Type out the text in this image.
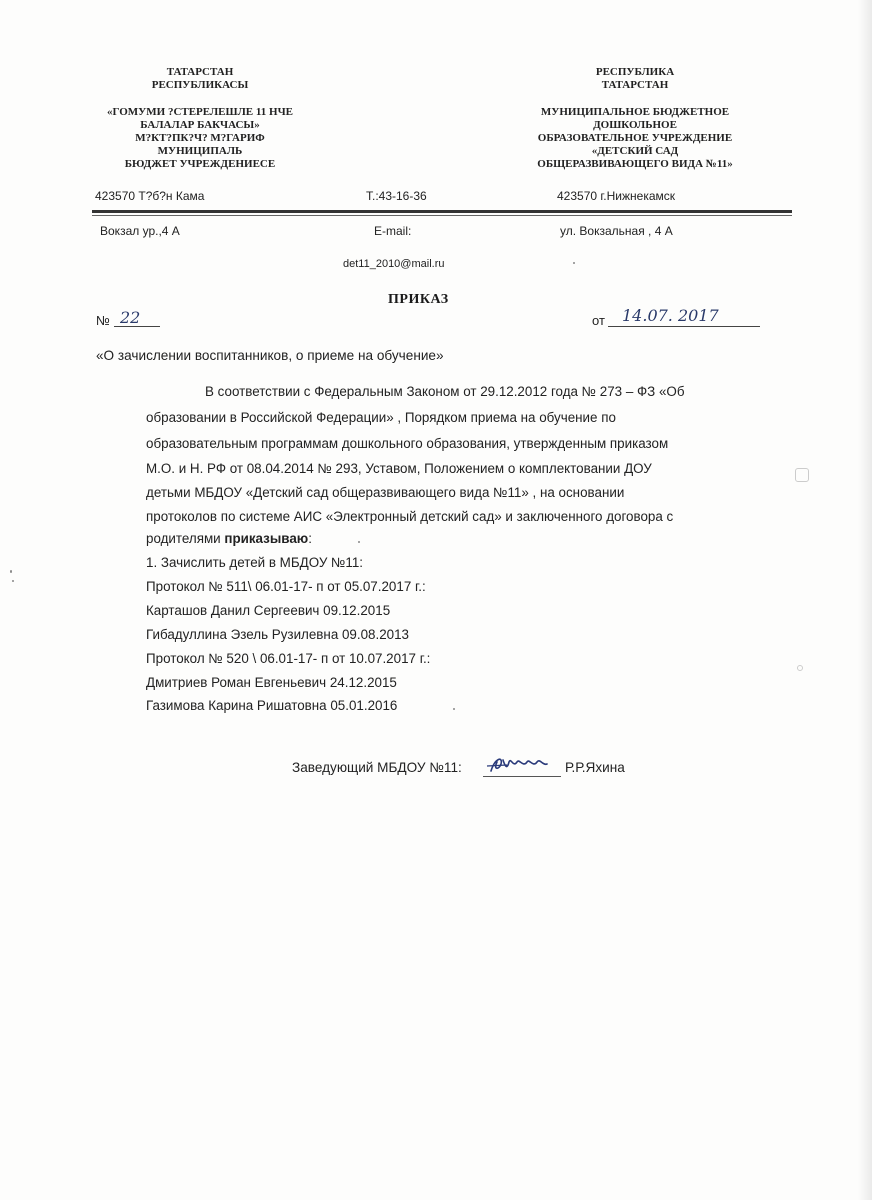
ТАТАРСТАН
РЕСПУБЛИКАСЫ
«ГОМУМИ ?СТЕРЕЛЕШЛЕ 11 НЧЕ
БАЛАЛАР БАКЧАСЫ»
М?КТ?ПК?Ч? М?ГАРИФ
МУНИЦИПАЛЬ
БЮДЖЕТ УЧРЕЖДЕНИЕСЕ
РЕСПУБЛИКА
ТАТАРСТАН
МУНИЦИПАЛЬНОЕ БЮДЖЕТНОЕ
ДОШКОЛЬНОЕ
ОБРАЗОВАТЕЛЬНОЕ УЧРЕЖДЕНИЕ
«ДЕТСКИЙ САД
ОБЩЕРАЗВИВАЮЩЕГО ВИДА №11»
423570 Т?б?н Кама	Т.:43-16-36	423570 г.Нижнекамск
Вокзал ур.,4 А	E-mail:	ул. Вокзальная , 4 А
det11_2010@mail.ru
ПРИКАЗ
№ 22	от	14.07. 2017
«О зачислении воспитанников, о приеме на обучение»
В соответствии с Федеральным Законом от 29.12.2012 года № 273 – ФЗ «Об
образовании в Российской Федерации» , Порядком приема на обучение по
образовательным программам дошкольного образования, утвержденным приказом
М.О. и Н. РФ от 08.04.2014 № 293, Уставом, Положением о комплектовании ДОУ
детьми МБДОУ «Детский сад общеразвивающего вида №11» , на основании
протоколов по системе АИС «Электронный детский сад» и заключенного договора с
родителями приказываю:
1. Зачислить детей в МБДОУ №11:
Протокол № 511\ 06.01-17- п от 05.07.2017 г.:
Карташов Данил Сергеевич 09.12.2015
Гибадуллина Эзель Рузилевна 09.08.2013
Протокол № 520 \ 06.01-17- п от 10.07.2017 г.:
Дмитриев Роман Евгеньевич 24.12.2015
Газимова Карина Ришатовна 05.01.2016
Заведующий МБДОУ №11:	Р.Р.Яхина
